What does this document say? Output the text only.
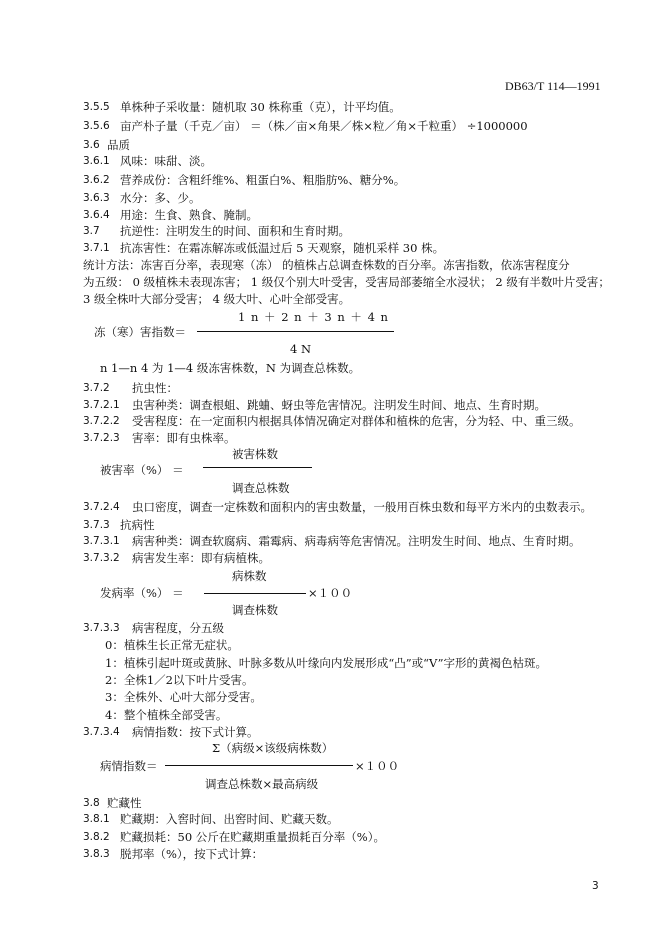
DB63/T 114—1991
3.5.5 单株种子采收量：随机取 30 株称重（克），计平均值。
3.5.6 亩产朴子量（千克／亩） ＝（株／亩×角果／株×粒／角×千粒重） ÷1000000
3.6 品质
3.6.1 风味：味甜、淡。
3.6.2 营养成份：含粗纤维%、粗蛋白%、粗脂肪%、糖分%。
3.6.3 水分：多、少。
3.6.4 用途：生食、熟食、腌制。
3.7 抗逆性：注明发生的时间、面积和生育时期。
3.7.1 抗冻害性：在霜冻解冻或低温过后 5 天观察，随机采样 30 株。
统计方法：冻害百分率，表现寒（冻） 的植株占总调查株数的百分率。冻害指数，依冻害程度分
为五级： 0 级植株未表现冻害； 1 级仅个别大叶受害，受害局部萎缩全水浸状； 2 级有半数叶片受害；
3 级全株叶大部分受害； 4 级大叶、心叶全部受害。
1 n ＋ 2 n ＋ 3 n ＋ 4 n
冻（寒）害指数＝
4 N
n 1—n 4 为 1—4 级冻害株数，N 为调查总株数。
3.7.2 抗虫性：
3.7.2.1 虫害种类：调查根蛆、跳蛐、蚜虫等危害情况。注明发生时间、地点、生育时期。
3.7.2.2 受害程度：在一定面积内根据具体情况确定对群体和植株的危害，分为轻、中、重三级。
3.7.2.3 害率：即有虫株率。
被害株数
被害率（%） ＝
调查总株数
3.7.2.4 虫口密度，调查一定株数和面积内的害虫数量，一般用百株虫数和每平方米内的虫数表示。
3.7.3 抗病性
3.7.3.1 病害种类：调查软腐病、霜霉病、病毒病等危害情况。注明发生时间、地点、生育时期。
3.7.3.2 病害发生率：即有病植株。
病株数
发病率（%） ＝	×１００
调查株数
3.7.3.3 病害程度，分五级
0：植株生长正常无症状。
1：植株引起叶斑或黄脉、叶脉多数从叶缘向内发展形成“凸”或“V”字形的黄褐色枯斑。
2：全株1／2以下叶片受害。
3：全株外、心叶大部分受害。
4：整个植株全部受害。
3.7.3.4 病情指数：按下式计算。
Σ（病级×该级病株数）
病情指数＝	×１００
调查总株数×最高病级
3.8 贮藏性
3.8.1 贮藏期：入窖时间、出窖时间、贮藏天数。
3.8.2 贮藏损耗：50 公斤在贮藏期重量损耗百分率（%）。
3.8.3 脱邦率（%），按下式计算：
3
